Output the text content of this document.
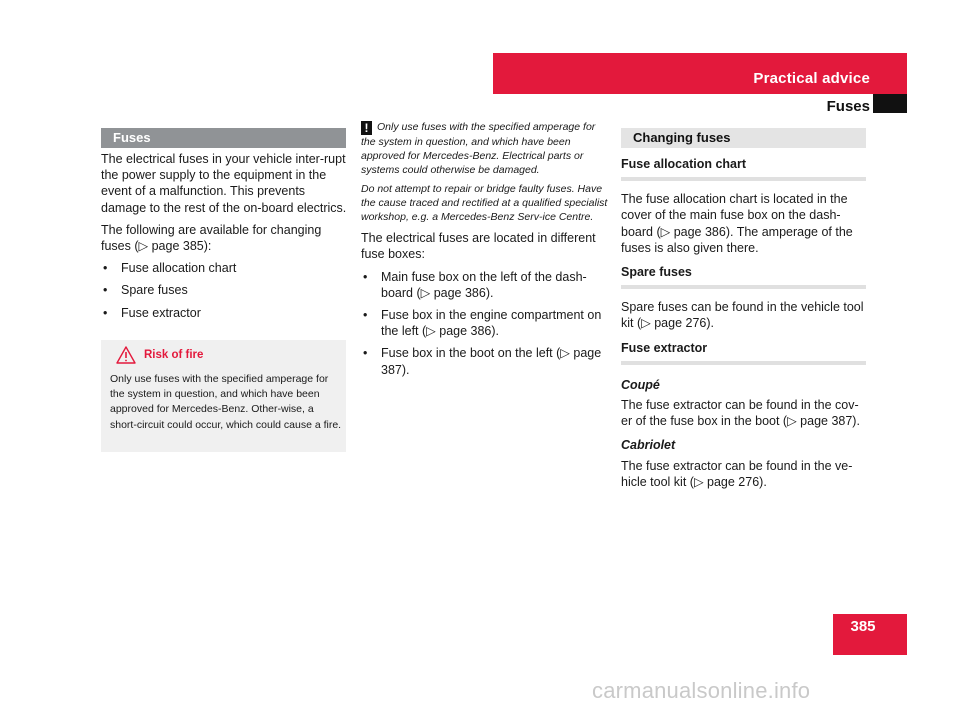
Practical advice
Fuses
Fuses

The electrical fuses in your vehicle inter-rupt the power supply to the equipment in the event of a malfunction. This prevents damage to the rest of the on-board electrics.

The following are available for changing fuses (▷ page 385):

• Fuse allocation chart
• Spare fuses
• Fuse extractor
Risk of fire
Only use fuses with the specified amperage for the system in question, and which have been approved for Mercedes-Benz. Other-wise, a short-circuit could occur, which could cause a fire.

! Only use fuses with the specified amperage for the system in question, and which have been approved for Mercedes-Benz. Electrical parts or systems could otherwise be damaged.

Do not attempt to repair or bridge faulty fuses. Have the cause traced and rectified at a qualified specialist workshop, e.g. a Mercedes-Benz Serv-ice Centre.

The electrical fuses are located in different fuse boxes:

• Main fuse box on the left of the dash-board (▷ page 386).
• Fuse box in the engine compartment on the left (▷ page 386).
• Fuse box in the boot on the left (▷ page 387).
Changing fuses

Fuse allocation chart

The fuse allocation chart is located in the cover of the main fuse box on the dash-board (▷ page 386). The amperage of the fuses is also given there.

Spare fuses

Spare fuses can be found in the vehicle tool kit (▷ page 276).

Fuse extractor

Coupé

The fuse extractor can be found in the cov-er of the fuse box in the boot (▷ page 387).

Cabriolet

The fuse extractor can be found in the ve-hicle tool kit (▷ page 276).

385
carmanualsonline.info
